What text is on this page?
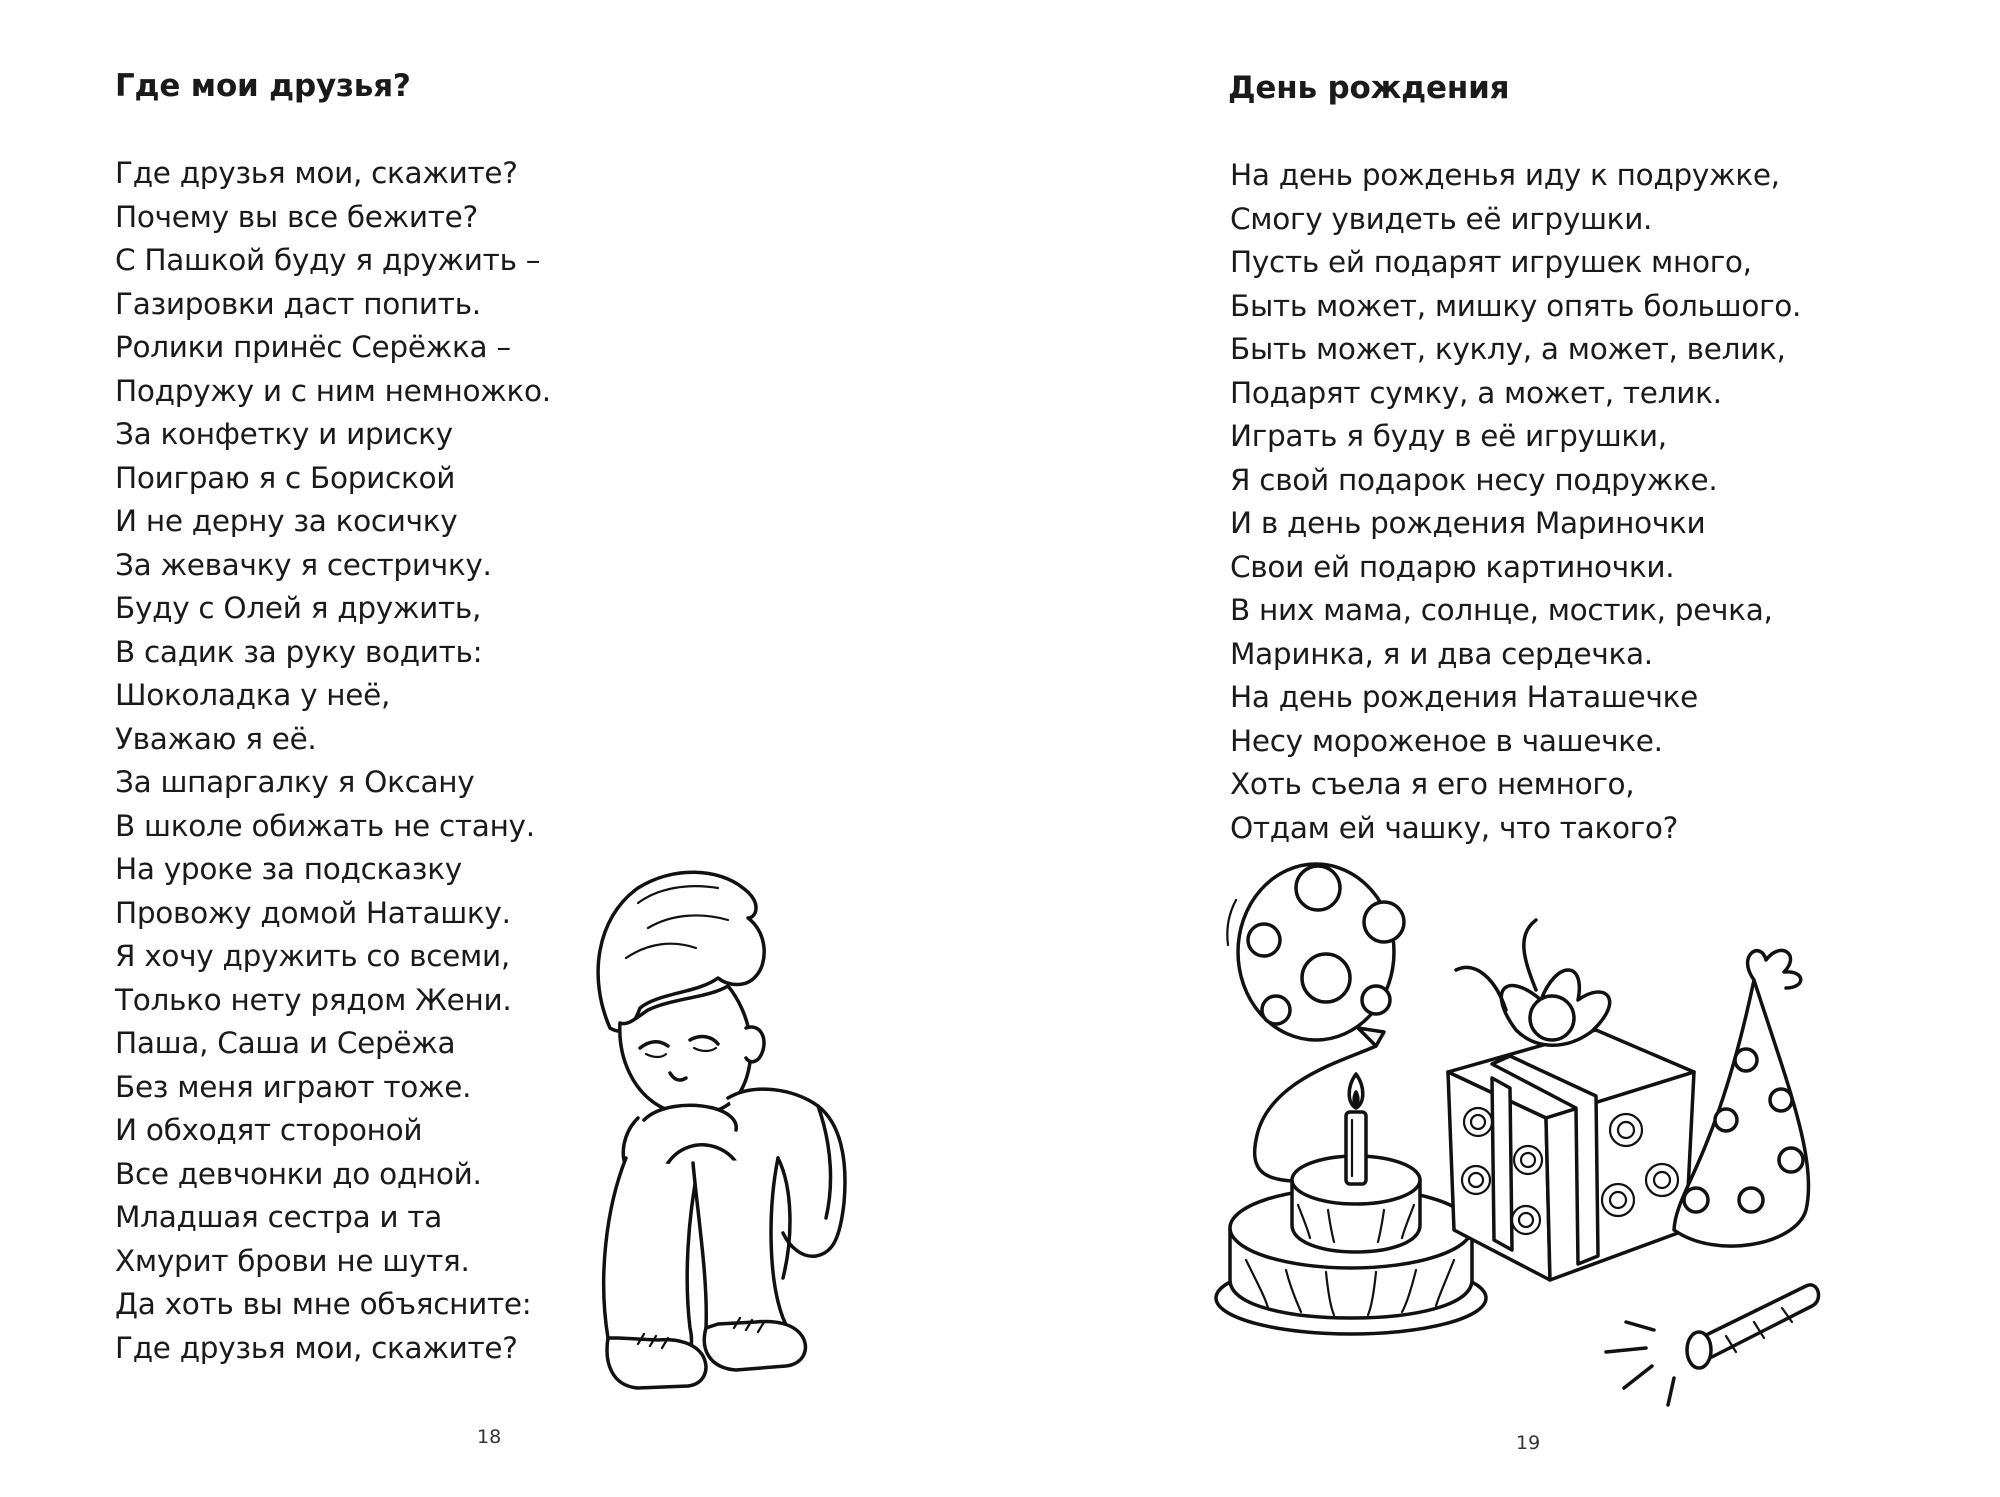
Где мои друзья?
Где друзья мои, скажите?
Почему вы все бежите?
С Пашкой буду я дружить –
Газировки даст попить.
Ролики принёс Серёжка –
Подружу и с ним немножко.
За конфетку и ириску
Поиграю я с Бориской
И не дерну за косичку
За жевачку я сестричку.
Буду с Олей я дружить,
В садик за руку водить:
Шоколадка у неё,
Уважаю я её.
За шпаргалку я Оксану
В школе обижать не стану.
На уроке за подсказку
Провожу домой Наташку.
Я хочу дружить со всеми,
Только нету рядом Жени.
Паша, Саша и Серёжа
Без меня играют тоже.
И обходят стороной
Все девчонки до одной.
Младшая сестра и та
Хмурит брови не шутя.
Да хоть вы мне объясните:
Где друзья мои, скажите?
18
День рождения
На день рожденья иду к подружке,
Смогу увидеть её игрушки.
Пусть ей подарят игрушек много,
Быть может, мишку опять большого.
Быть может, куклу, а может, велик,
Подарят сумку, а может, телик.
Играть я буду в её игрушки,
Я свой подарок несу подружке.
И в день рождения Мариночки
Свои ей подарю картиночки.
В них мама, солнце, мостик, речка,
Маринка, я и два сердечка.
На день рождения Наташечке
Несу мороженое в чашечке.
Хоть съела я его немного,
Отдам ей чашку, что такого?
19
